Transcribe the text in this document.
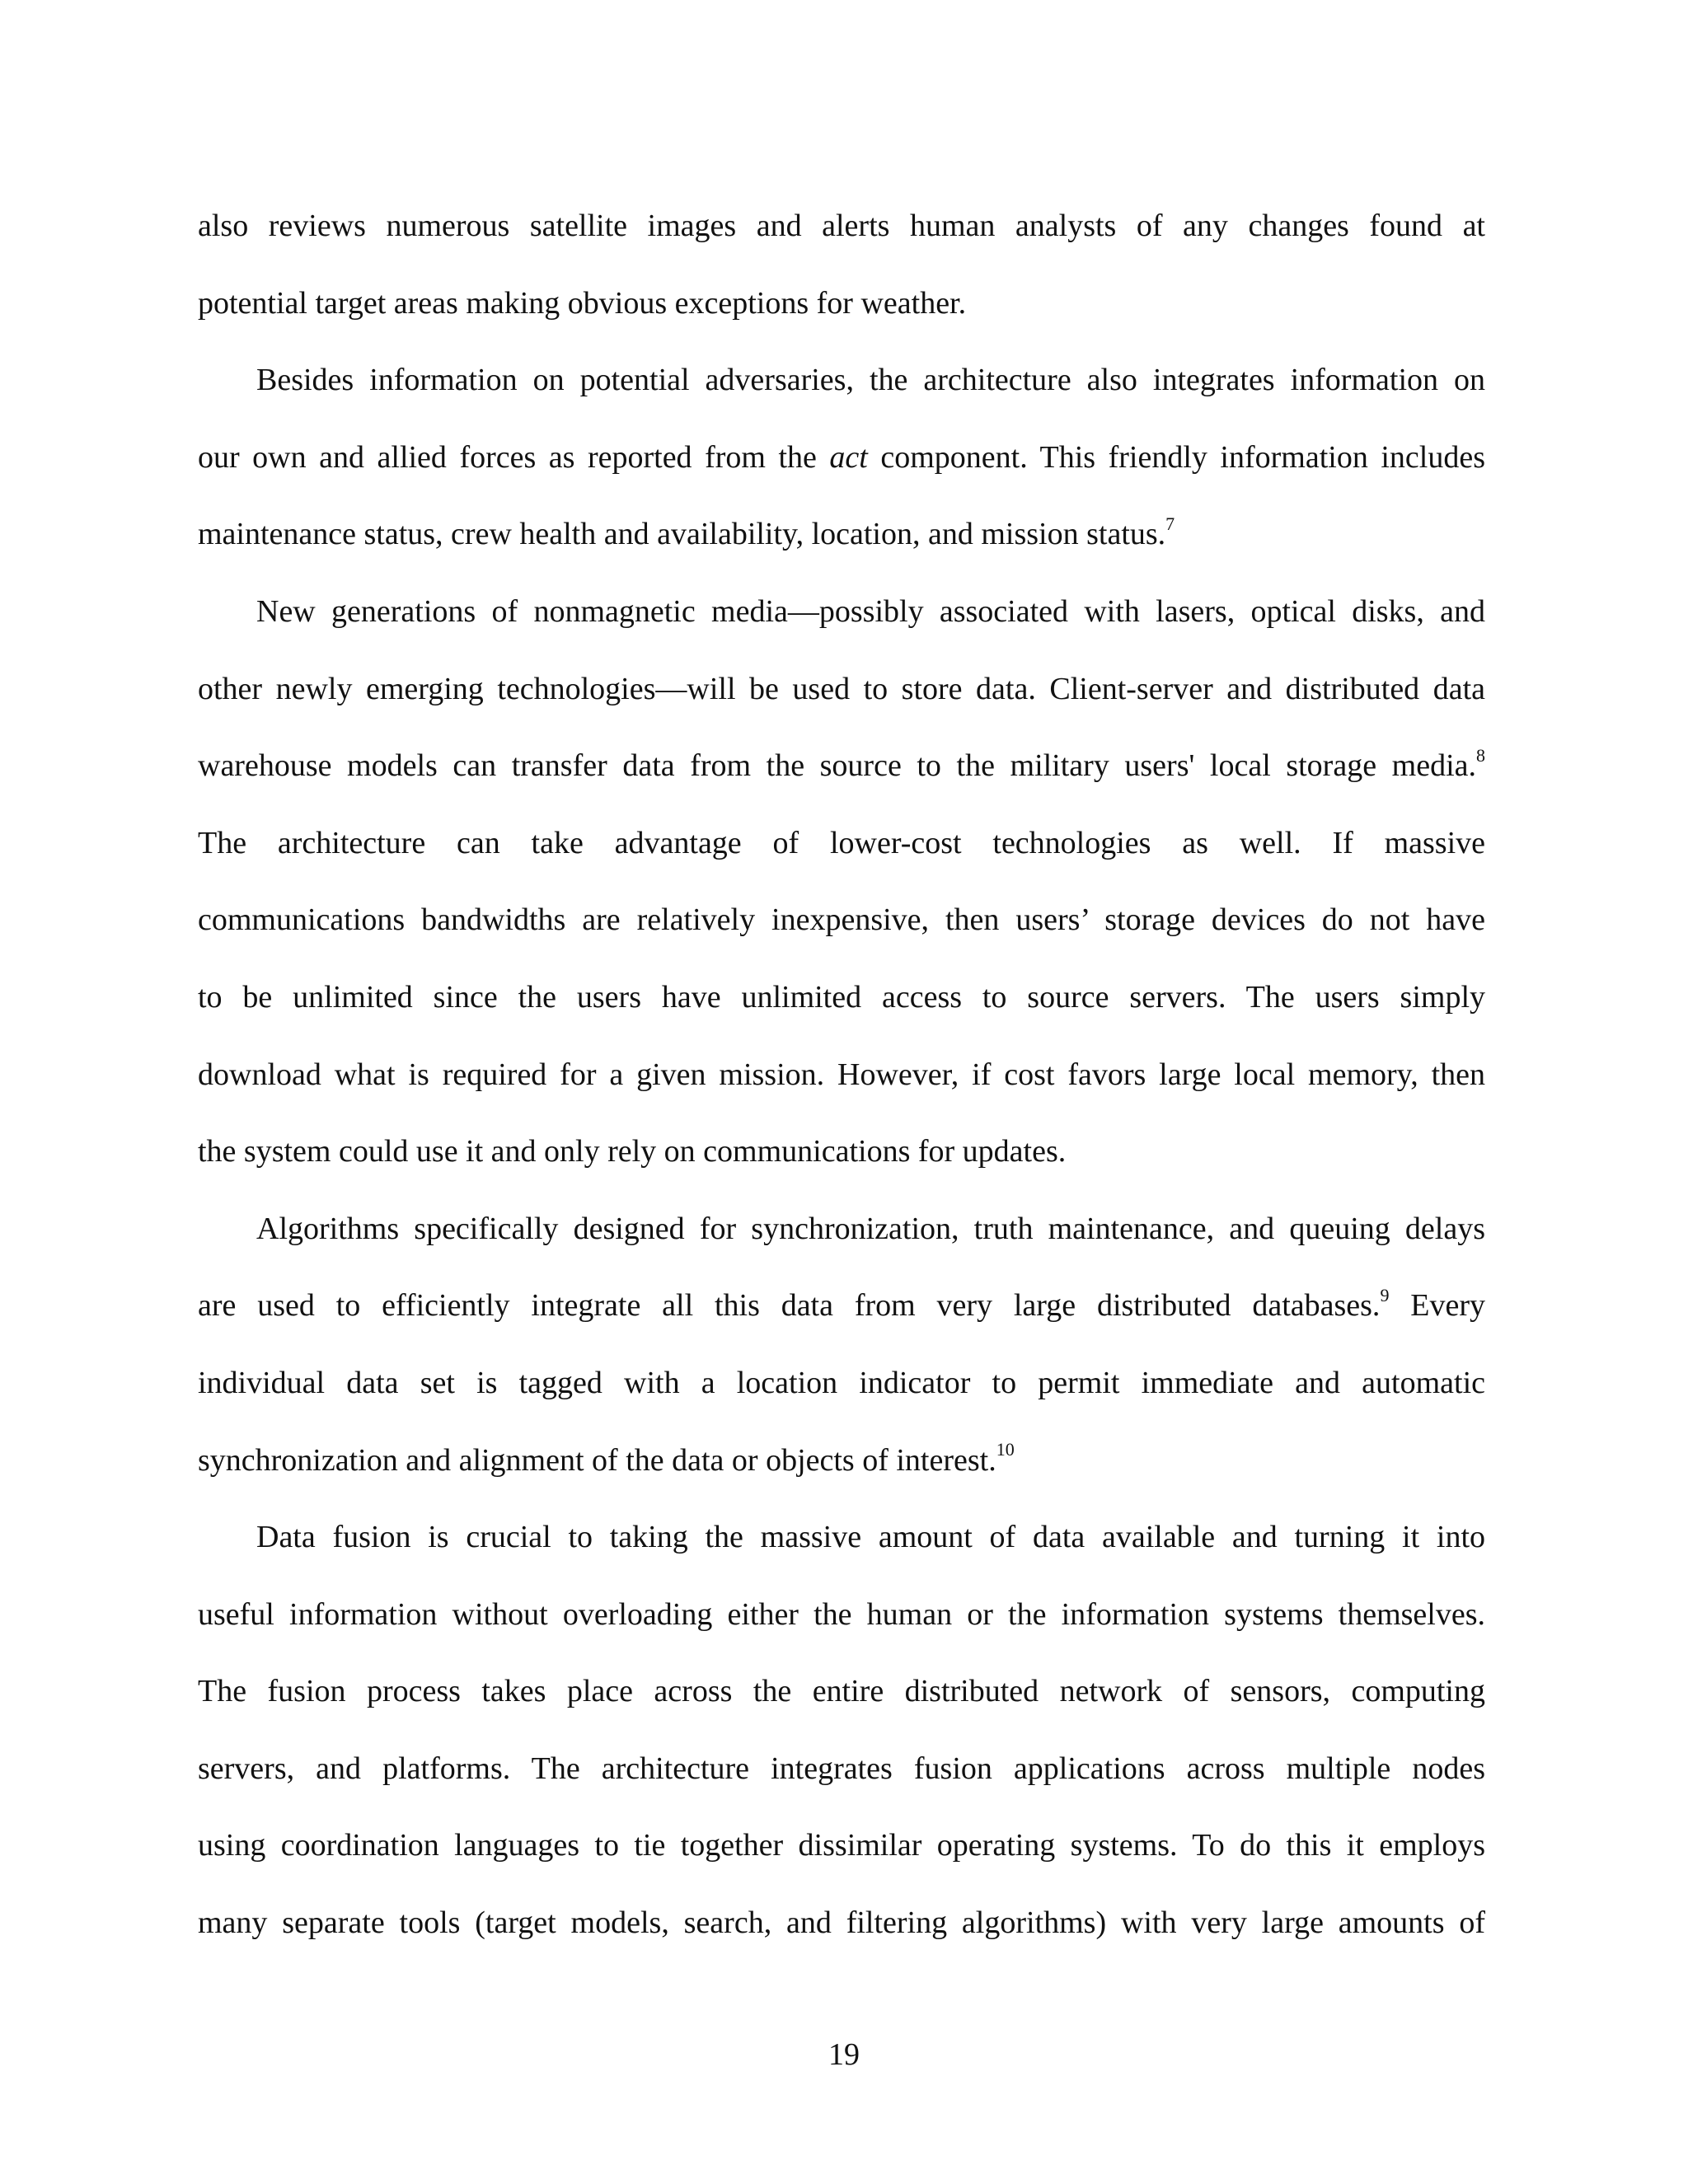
also reviews numerous satellite images and alerts human analysts of any changes found at
potential target areas making obvious exceptions for weather.
Besides information on potential adversaries, the architecture also integrates information on
our own and allied forces as reported from the act component. This friendly information includes
maintenance status, crew health and availability, location, and mission status.$^7$
New generations of nonmagnetic media—possibly associated with lasers, optical disks, and
other newly emerging technologies—will be used to store data. Client-server and distributed data
warehouse models can transfer data from the source to the military users' local storage media.$^8$
The architecture can take advantage of lower-cost technologies as well. If massive
communications bandwidths are relatively inexpensive, then users’ storage devices do not have
to be unlimited since the users have unlimited access to source servers. The users simply
download what is required for a given mission. However, if cost favors large local memory, then
the system could use it and only rely on communications for updates.
Algorithms specifically designed for synchronization, truth maintenance, and queuing delays
are used to efficiently integrate all this data from very large distributed databases.$^9$ Every
individual data set is tagged with a location indicator to permit immediate and automatic
synchronization and alignment of the data or objects of interest.$^{10}$
Data fusion is crucial to taking the massive amount of data available and turning it into
useful information without overloading either the human or the information systems themselves.
The fusion process takes place across the entire distributed network of sensors, computing
servers, and platforms. The architecture integrates fusion applications across multiple nodes
using coordination languages to tie together dissimilar operating systems. To do this it employs
many separate tools (target models, search, and filtering algorithms) with very large amounts of
19
